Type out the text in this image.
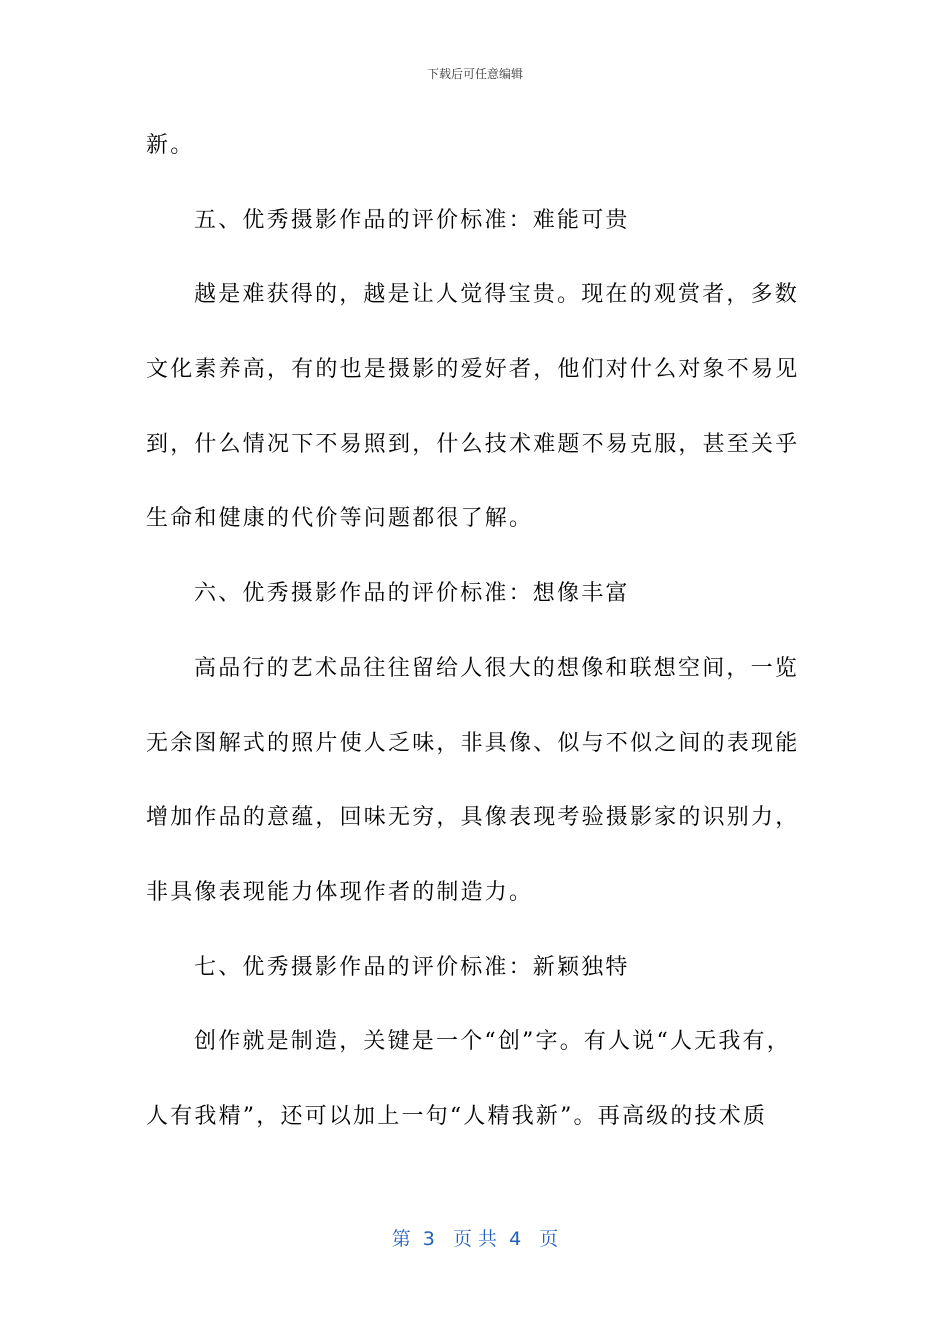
下载后可任意编辑
新。
五、优秀摄影作品的评价标准：难能可贵
越是难获得的，越是让人觉得宝贵。现在的观赏者，多数
文化素养高，有的也是摄影的爱好者，他们对什么对象不易见
到，什么情况下不易照到，什么技术难题不易克服，甚至关乎
生命和健康的代价等问题都很了解。
六、优秀摄影作品的评价标准：想像丰富
高品行的艺术品往往留给人很大的想像和联想空间，一览
无余图解式的照片使人乏味，非具像、似与不似之间的表现能
增加作品的意蕴，回味无穷，具像表现考验摄影家的识别力，
非具像表现能力体现作者的制造力。
七、优秀摄影作品的评价标准：新颖独特
创作就是制造，关键是一个“创”字。有人说“人无我有，
人有我精”，还可以加上一句“人精我新”。再高级的技术质
第  3   页 共  4   页
